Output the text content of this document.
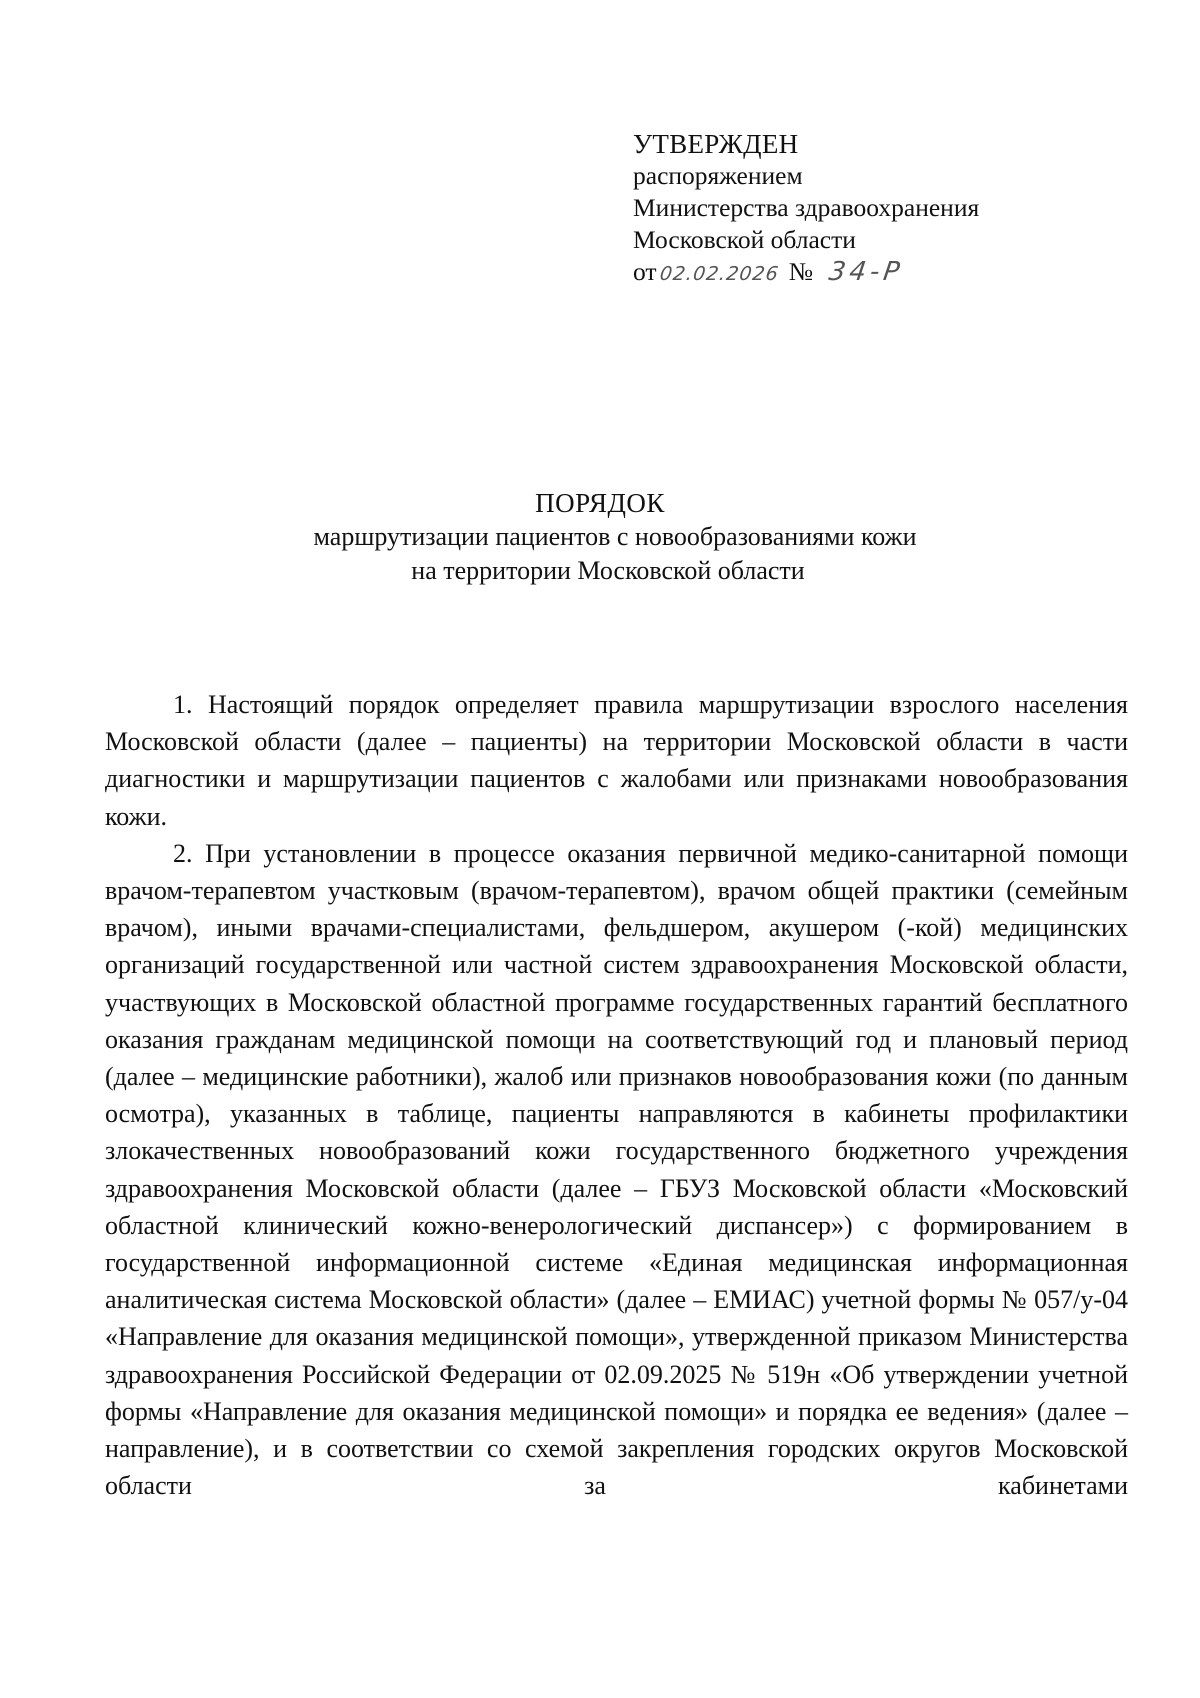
УТВЕРЖДЕН
распоряжением
Министерства здравоохранения
Московской области
от02.02.2026 № 34-Р
ПОРЯДОК
маршрутизации пациентов с новообразованиями кожи
на территории Московской области

1. Настоящий порядок определяет правила маршрутизации взрослого населения Московской области (далее – пациенты) на территории Московской области в части диагностики и маршрутизации пациентов с жалобами или признаками новообразования кожи.

2. При установлении в процессе оказания первичной медико-санитарной помощи врачом-терапевтом участковым (врачом-терапевтом), врачом общей практики (семейным врачом), иными врачами-специалистами, фельдшером, акушером (-кой) медицинских организаций государственной или частной систем здравоохранения Московской области, участвующих в Московской областной программе государственных гарантий бесплатного оказания гражданам медицинской помощи на соответствующий год и плановый период (далее – медицинские работники), жалоб или признаков новообразования кожи (по данным осмотра), указанных в таблице, пациенты направляются в кабинеты профилактики злокачественных новообразований кожи государственного бюджетного учреждения здравоохранения Московской области (далее – ГБУЗ Московской области «Московский областной клинический кожно-венерологический диспансер») с формированием в государственной информационной системе «Единая медицинская информационная аналитическая система Московской области» (далее – ЕМИАС) учетной формы № 057/у-04 «Направление для оказания медицинской помощи», утвержденной приказом Министерства здравоохранения Российской Федерации от 02.09.2025 № 519н «Об утверждении учетной формы «Направление для оказания медицинской помощи» и порядка ее ведения» (далее – направление), и в соответствии со схемой закрепления городских округов Московской области за кабинетами
